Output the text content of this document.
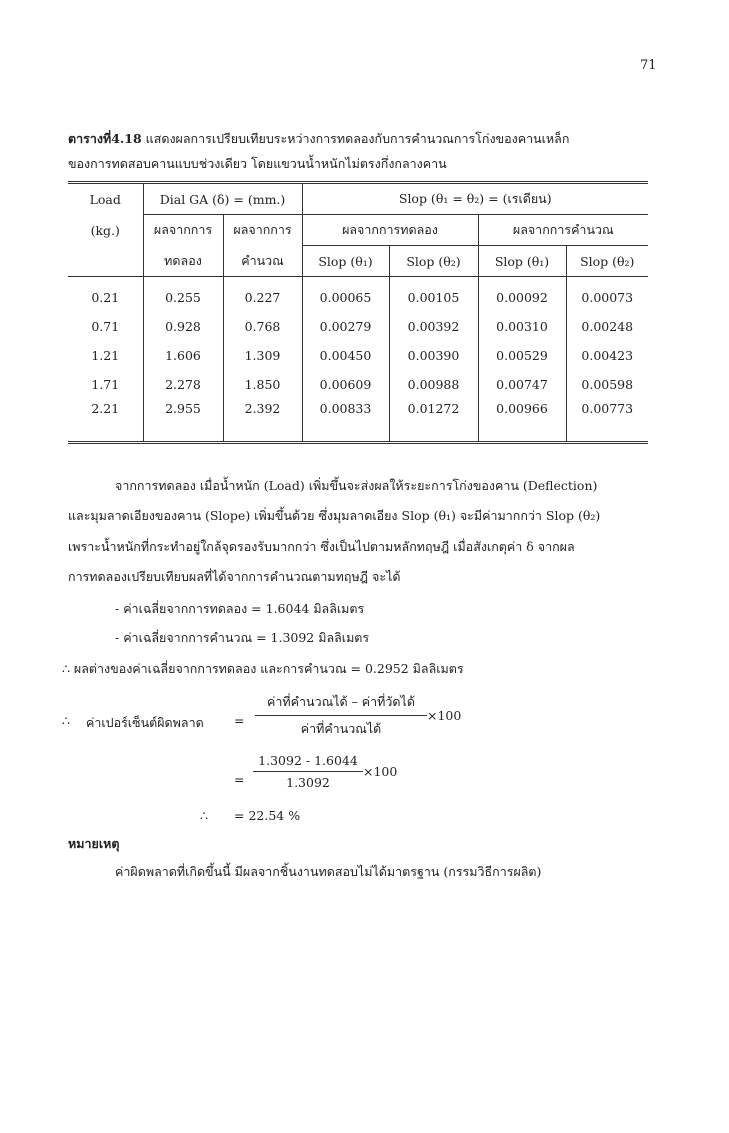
71
ตารางที่4.18 แสดงผลการเปรียบเทียบระหว่างการทดลองกับการคำนวณการโก่งของคานเหล็ก
ของการทดสอบคานแบบช่วงเดียว โดยแขวนน้ำหนักไม่ตรงกึ่งกลางคาน
Load	Dial GA (δ) = (mm.)		Slop (θ₁ = θ₂) = (เรเดียน)			
(kg.)	ผลจากการ	ผลจากการ	ผลจากการทดลอง		ผลจากการคำนวณ	
	ทดลอง	คำนวณ	Slop (θ₁)	Slop (θ₂)	Slop (θ₁)	Slop (θ₂)
0.21	0.255	0.227	0.00065	0.00105	0.00092	0.00073
0.71	0.928	0.768	0.00279	0.00392	0.00310	0.00248
1.21	1.606	1.309	0.00450	0.00390	0.00529	0.00423
1.71	2.278	1.850	0.00609	0.00988	0.00747	0.00598
2.21	2.955	2.392	0.00833	0.01272	0.00966	0.00773
จากการทดลอง เมื่อน้ำหนัก (Load) เพิ่มขึ้นจะส่งผลให้ระยะการโก่งของคาน (Deflection)
และมุมลาดเอียงของคาน (Slope) เพิ่มขึ้นด้วย ซึ่งมุมลาดเอียง Slop (θ₁) จะมีค่ามากกว่า Slop (θ₂)
เพราะน้ำหนักที่กระทำอยู่ใกล้จุดรองรับมากกว่า ซึ่งเป็นไปตามหลักทฤษฎี เมื่อสังเกตุค่า δ จากผล
การทดลองเปรียบเทียบผลที่ได้จากการคำนวณตามทฤษฎี จะได้
- ค่าเฉลี่ยจากการทดลอง = 1.6044 มิลลิเมตร
- ค่าเฉลี่ยจากการคำนวณ = 1.3092 มิลลิเมตร
∴ ผลต่างของค่าเฉลี่ยจากการทดลอง และการคำนวณ = 0.2952 มิลลิเมตร
∴ ค่าเปอร์เซ็นต์ผิดพลาด = $\frac{\text{ค่าที่คำนวณได้ – ค่าที่วัดได้}}{\text{ค่าที่คำนวณได้}} \times 100$
= $\frac{1.3092 - 1.6044}{1.3092} \times 100$
∴ = 22.54 %
หมายเหตุ
ค่าผิดพลาดที่เกิดขึ้นนี้ มีผลจากชิ้นงานทดสอบไม่ได้มาตรฐาน (กรรมวิธีการผลิต)
